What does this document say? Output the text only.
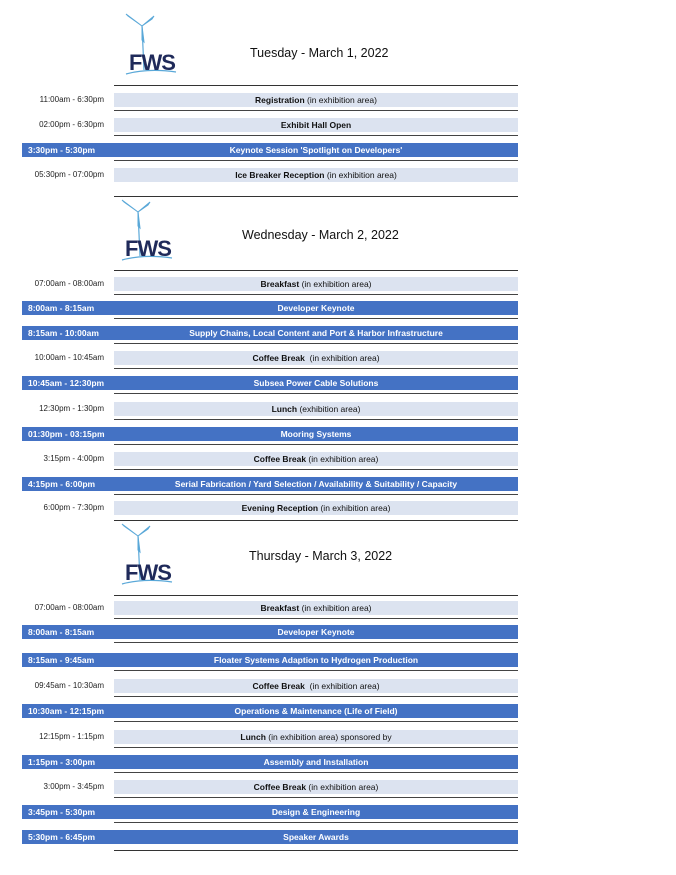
FWS	Tuesday - March 1, 2022
11:00am - 6:30pm	Registration (in exhibition area)
02:00pm - 6:30pm	Exhibit Hall Open
3:30pm - 5:30pm	Keynote Session 'Spotlight on Developers'
05:30pm - 07:00pm	Ice Breaker Reception (in exhibition area)
FWS
Wednesday - March 2, 2022
07:00am - 08:00am	Breakfast (in exhibition area)
8:00am - 8:15am	Developer Keynote
8:15am - 10:00am	Supply Chains, Local Content and Port & Harbor Infrastructure
10:00am - 10:45am	Coffee Break  (in exhibition area)
10:45am - 12:30pm	Subsea Power Cable Solutions
12:30pm - 1:30pm	Lunch (exhibition area)
01:30pm - 03:15pm	Mooring Systems
3:15pm - 4:00pm	Coffee Break (in exhibition area)
4:15pm - 6:00pm	Serial Fabrication / Yard Selection / Availability & Suitability / Capacity
6:00pm - 7:30pm	Evening Reception (in exhibition area)
FWS
Thursday - March 3, 2022
07:00am - 08:00am	Breakfast (in exhibition area)
8:00am - 8:15am	Developer Keynote
8:15am - 9:45am	Floater Systems Adaption to Hydrogen Production
09:45am - 10:30am	Coffee Break  (in exhibition area)
10:30am - 12:15pm	Operations & Maintenance (Life of Field)
12:15pm - 1:15pm	Lunch (in exhibition area) sponsored by
1:15pm - 3:00pm	Assembly and Installation
3:00pm - 3:45pm	Coffee Break (in exhibition area)
3:45pm - 5:30pm	Design & Engineering
5:30pm - 6:45pm	Speaker Awards
